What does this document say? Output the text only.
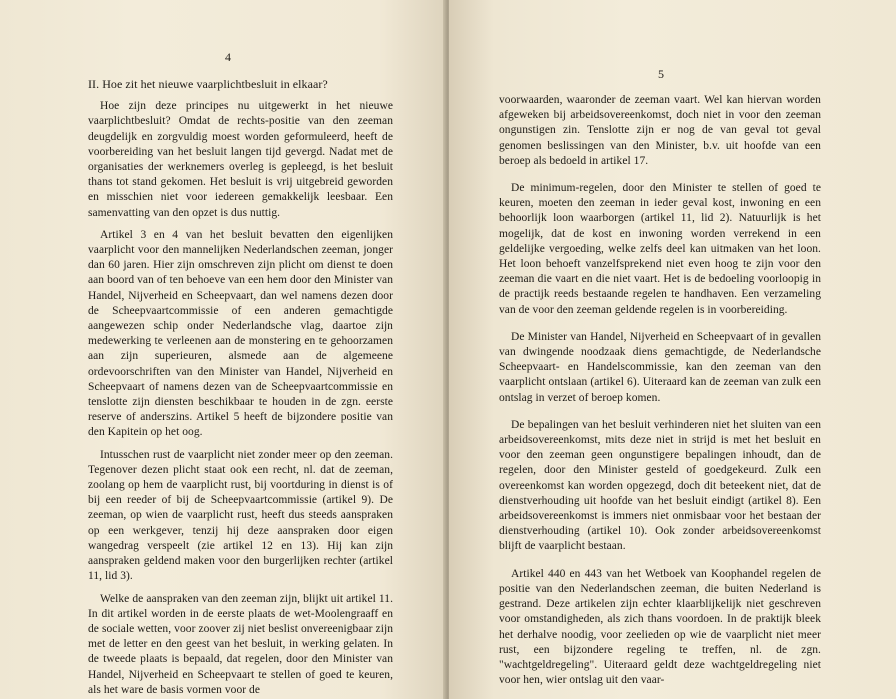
4
II. Hoe zit het nieuwe vaarplichtbesluit in elkaar?

Hoe zijn deze principes nu uitgewerkt in het nieuwe vaarplichtbesluit? Omdat de rechts-positie van den zeeman deugdelijk en zorgvuldig moest worden geformuleerd, heeft de voorbereiding van het besluit langen tijd gevergd. Nadat met de organisaties der werknemers overleg is gepleegd, is het besluit thans tot stand gekomen. Het besluit is vrij uitgebreid geworden en misschien niet voor iedereen gemakkelijk leesbaar. Een samenvatting van den opzet is dus nuttig.

Artikel 3 en 4 van het besluit bevatten den eigenlijken vaarplicht voor den mannelijken Nederlandschen zeeman, jonger dan 60 jaren. Hier zijn omschreven zijn plicht om dienst te doen aan boord van of ten behoeve van een hem door den Minister van Handel, Nijverheid en Scheepvaart, dan wel namens dezen door de Scheepvaartcommissie of een anderen gemachtigde aangewezen schip onder Nederlandsche vlag, daartoe zijn medewerking te verleenen aan de monstering en te gehoorzamen aan zijn superieuren, alsmede aan de algemeene ordevoorschriften van den Minister van Handel, Nijverheid en Scheepvaart of namens dezen van de Scheepvaartcommissie en tenslotte zijn diensten beschikbaar te houden in de zgn. eerste reserve of anderszins. Artikel 5 heeft de bijzondere positie van den Kapitein op het oog.

Intusschen rust de vaarplicht niet zonder meer op den zeeman. Tegenover dezen plicht staat ook een recht, nl. dat de zeeman, zoolang op hem de vaarplicht rust, bij voortduring in dienst is of bij een reeder of bij de Scheepvaartcommissie (artikel 9). De zeeman, op wien de vaarplicht rust, heeft dus steeds aanspraken op een werkgever, tenzij hij deze aanspraken door eigen wangedrag verspeelt (zie artikel 12 en 13). Hij kan zijn aanspraken geldend maken voor den burgerlijken rechter (artikel 11, lid 3).

Welke de aanspraken van den zeeman zijn, blijkt uit artikel 11. In dit artikel worden in de eerste plaats de wet-Moolengraaff en de sociale wetten, voor zoover zij niet beslist onvereenigbaar zijn met de letter en den geest van het besluit, in werking gelaten. In de tweede plaats is bepaald, dat regelen, door den Minister van Handel, Nijverheid en Scheepvaart te stellen of goed te keuren, als het ware de basis vormen voor de

5

voorwaarden, waaronder de zeeman vaart. Wel kan hiervan worden afgeweken bij arbeidsovereenkomst, doch niet in voor den zeeman ongunstigen zin. Tenslotte zijn er nog de van geval tot geval genomen beslissingen van den Minister, b.v. uit hoofde van een beroep als bedoeld in artikel 17.

De minimum-regelen, door den Minister te stellen of goed te keuren, moeten den zeeman in ieder geval kost, inwoning en een behoorlijk loon waarborgen (artikel 11, lid 2). Natuurlijk is het mogelijk, dat de kost en inwoning worden verrekend in een geldelijke vergoeding, welke zelfs deel kan uitmaken van het loon. Het loon behoeft vanzelfsprekend niet even hoog te zijn voor den zeeman die vaart en die niet vaart. Het is de bedoeling voorloopig in de practijk reeds bestaande regelen te handhaven. Een verzameling van de voor den zeeman geldende regelen is in voorbereiding.

De Minister van Handel, Nijverheid en Scheepvaart of in gevallen van dwingende noodzaak diens gemachtigde, de Nederlandsche Scheepvaart- en Handelscommissie, kan den zeeman van den vaarplicht ontslaan (artikel 6). Uiteraard kan de zeeman van zulk een ontslag in verzet of beroep komen.

De bepalingen van het besluit verhinderen niet het sluiten van een arbeidsovereenkomst, mits deze niet in strijd is met het besluit en voor den zeeman geen ongunstigere bepalingen inhoudt, dan de regelen, door den Minister gesteld of goedgekeurd. Zulk een overeenkomst kan worden opgezegd, doch dit beteekent niet, dat de dienstverhouding uit hoofde van het besluit eindigt (artikel 8). Een arbeidsovereenkomst is immers niet onmisbaar voor het bestaan der dienstverhouding (artikel 10). Ook zonder arbeidsovereenkomst blijft de vaarplicht bestaan.

Artikel 440 en 443 van het Wetboek van Koophandel regelen de positie van den Nederlandschen zeeman, die buiten Nederland is gestrand. Deze artikelen zijn echter klaarblijkelijk niet geschreven voor omstandigheden, als zich thans voordoen. In de praktijk bleek het derhalve noodig, voor zeelieden op wie de vaarplicht niet meer rust, een bijzondere regeling te treffen, nl. de zgn. "wachtgeldregeling". Uiteraard geldt deze wachtgeldregeling niet voor hen, wier ontslag uit den vaar-
